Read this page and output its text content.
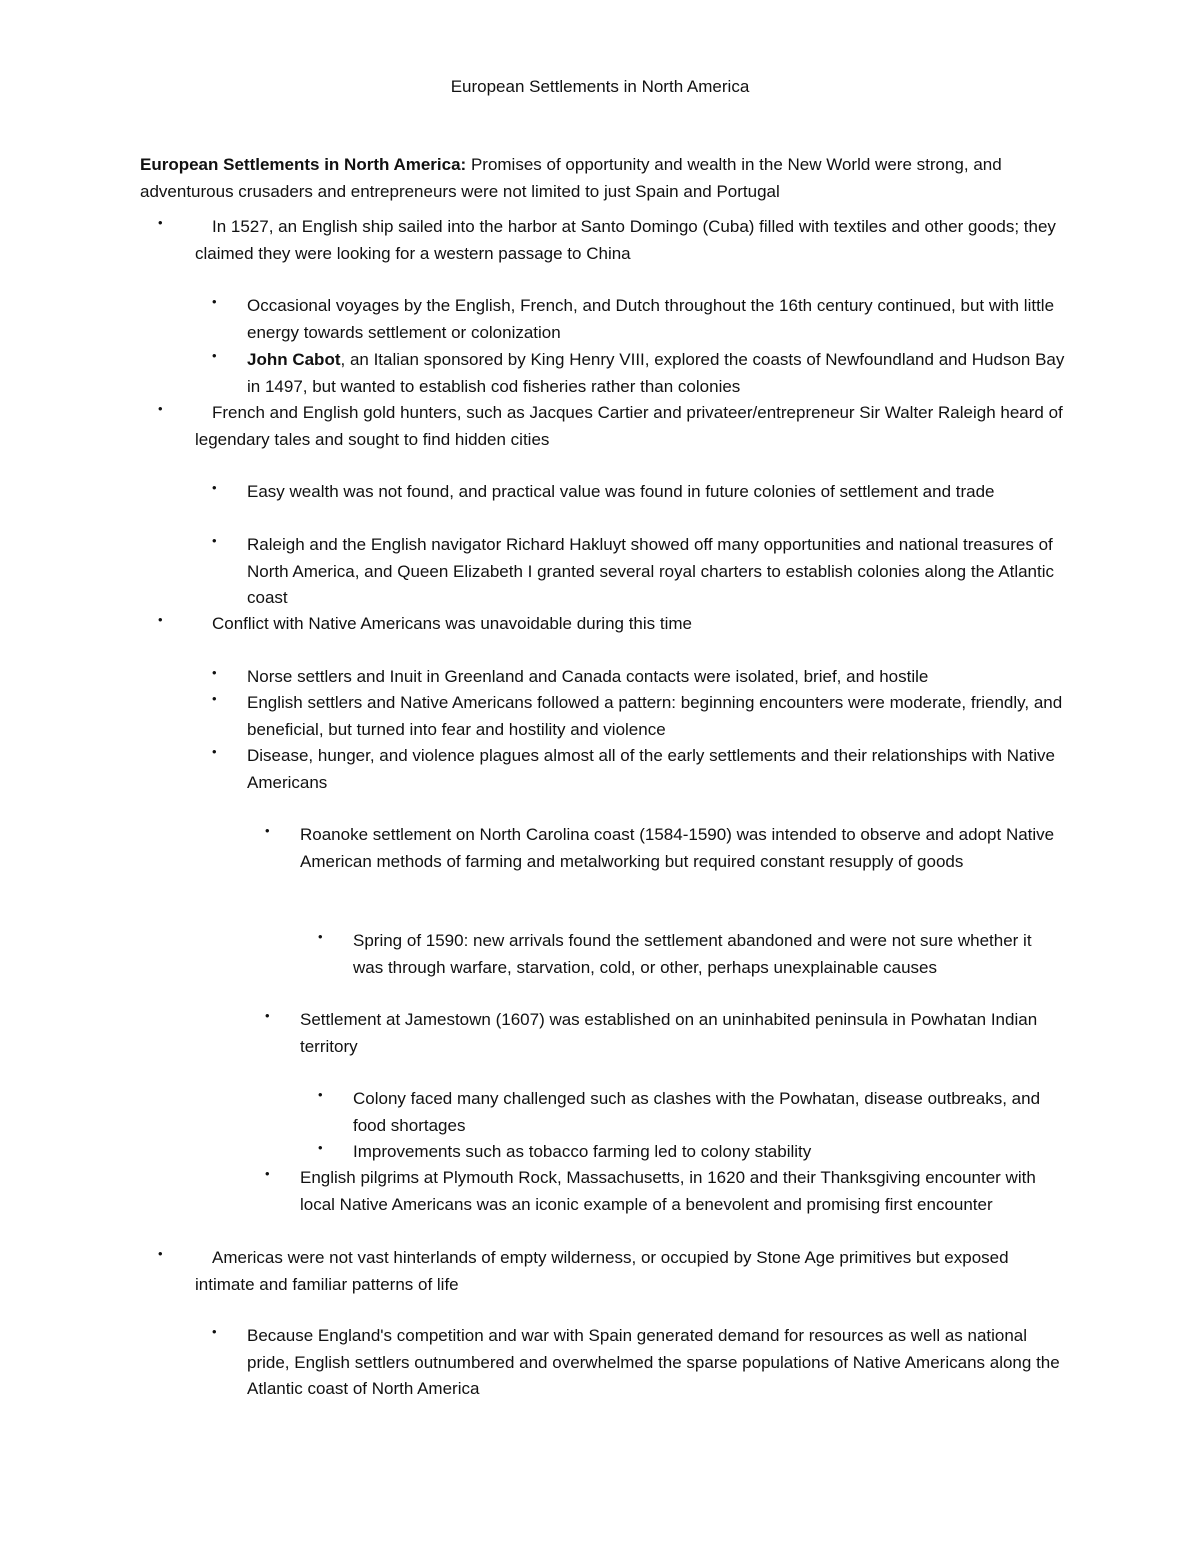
European Settlements in North America
European Settlements in North America: Promises of opportunity and wealth in the New World were strong, and adventurous crusaders and entrepreneurs were not limited to just Spain and Portugal
•	In 1527, an English ship sailed into the harbor at Santo Domingo (Cuba) filled with textiles and other goods; they claimed they were looking for a western passage to China
• Occasional voyages by the English, French, and Dutch throughout the 16th century continued, but with little energy towards settlement or colonization
• John Cabot, an Italian sponsored by King Henry VIII, explored the coasts of Newfoundland and Hudson Bay in 1497, but wanted to establish cod fisheries rather than colonies
•	French and English gold hunters, such as Jacques Cartier and privateer/entrepreneur Sir Walter Raleigh heard of legendary tales and sought to find hidden cities
• Easy wealth was not found, and practical value was found in future colonies of settlement and trade
• Raleigh and the English navigator Richard Hakluyt showed off many opportunities and national treasures of North America, and Queen Elizabeth I granted several royal charters to establish colonies along the Atlantic coast
•	Conflict with Native Americans was unavoidable during this time
• Norse settlers and Inuit in Greenland and Canada contacts were isolated, brief, and hostile
• English settlers and Native Americans followed a pattern: beginning encounters were moderate, friendly, and beneficial, but turned into fear and hostility and violence
• Disease, hunger, and violence plagues almost all of the early settlements and their relationships with Native Americans
• Roanoke settlement on North Carolina coast (1584-1590) was intended to observe and adopt Native American methods of farming and metalworking but required constant resupply of goods
• Spring of 1590: new arrivals found the settlement abandoned and were not sure whether it was through warfare, starvation, cold, or other, perhaps unexplainable causes
• Settlement at Jamestown (1607) was established on an uninhabited peninsula in Powhatan Indian territory
• Colony faced many challenged such as clashes with the Powhatan, disease outbreaks, and food shortages
• Improvements such as tobacco farming led to colony stability
• English pilgrims at Plymouth Rock, Massachusetts, in 1620 and their Thanksgiving encounter with local Native Americans was an iconic example of a benevolent and promising first encounter
•	Americas were not vast hinterlands of empty wilderness, or occupied by Stone Age primitives but exposed intimate and familiar patterns of life
• Because England's competition and war with Spain generated demand for resources as well as national pride, English settlers outnumbered and overwhelmed the sparse populations of Native Americans along the Atlantic coast of North America
